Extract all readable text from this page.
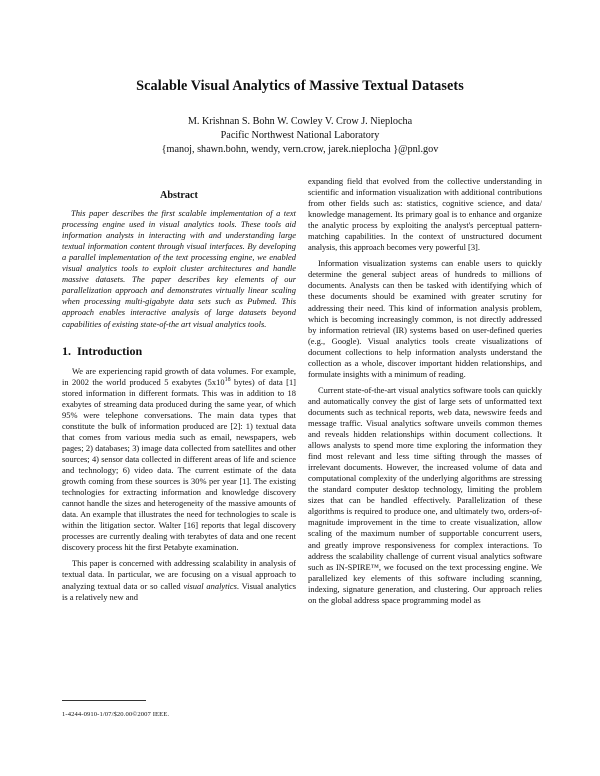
Scalable Visual Analytics of Massive Textual Datasets
M. Krishnan S. Bohn W. Cowley V. Crow J. Nieplocha
Pacific Northwest National Laboratory
{manoj, shawn.bohn, wendy, vern.crow, jarek.nieplocha }@pnl.gov
Abstract

This paper describes the first scalable implementation of a text processing engine used in visual analytics tools. These tools aid information analysts in interacting with and understanding large textual information content through visual interfaces. By developing a parallel implementation of the text processing engine, we enabled visual analytics tools to exploit cluster architectures and handle massive datasets. The paper describes key elements of our parallelization approach and demonstrates virtually linear scaling when processing multi-gigabyte data sets such as Pubmed. This approach enables interactive analysis of large datasets beyond capabilities of existing state-of-the art visual analytics tools.

1. Introduction

We are experiencing rapid growth of data volumes. For example, in 2002 the world produced 5 exabytes ($5x10^{18}$ bytes) of data [1] stored information in different formats. This was in addition to 18 exabytes of streaming data produced during the same year, of which 95% were telephone conversations. The main data types that constitute the bulk of information produced are [2]: 1) textual data that comes from various media such as email, newspapers, web pages; 2) databases; 3) image data collected from satellites and other sources; 4) sensor data collected in different areas of life and science and technology; 6) video data. The current estimate of the data growth coming from these sources is 30% per year [1]. The existing technologies for extracting information and knowledge discovery cannot handle the sizes and heterogeneity of the massive amounts of data. An example that illustrates the need for technologies to scale is within the litigation sector. Walter [16] reports that legal discovery processes are currently dealing with terabytes of data and one recent discovery process hit the first Petabyte examination.

This paper is concerned with addressing scalability in analysis of textual data. In particular, we are focusing on a visual approach to analyzing textual data or so called visual analytics. Visual analytics is a relatively new and

expanding field that evolved from the collective understanding in scientific and information visualization with additional contributions from other fields such as: statistics, cognitive science, and data/ knowledge management. Its primary goal is to enhance and organize the analytic process by exploiting the analyst's perceptual pattern-matching capabilities. In the context of unstructured document analysis, this approach becomes very powerful [3].

Information visualization systems can enable users to quickly determine the general subject areas of hundreds to millions of documents. Analysts can then be tasked with identifying which of these documents should be examined with greater scrutiny for addressing their need. This kind of information analysis problem, which is becoming increasingly common, is not directly addressed by information retrieval (IR) systems based on user-defined queries (e.g., Google). Visual analytics tools create visualizations of document collections to help information analysts understand the collection as a whole, discover important hidden relationships, and formulate insights with a minimum of reading.

Current state-of-the-art visual analytics software tools can quickly and automatically convey the gist of large sets of unformatted text documents such as technical reports, web data, newswire feeds and message traffic. Visual analytics software unveils common themes and reveals hidden relationships within document collections. It allows analysts to spend more time exploring the information they find most relevant and less time sifting through the masses of irrelevant documents. However, the increased volume of data and computational complexity of the underlying algorithms are stressing the standard computer desktop technology, limiting the problem sizes that can be handled effectively. Parallelization of these algorithms is required to produce one, and ultimately two, orders-of-magnitude improvement in the time to create visualization, allow scaling of the maximum number of supportable concurrent users, and greatly improve responsiveness for complex interactions. To address the scalability challenge of current visual analytics software such as IN-SPIRE™, we focused on the text processing engine. We parallelized key elements of this software including scanning, indexing, signature generation, and clustering. Our approach relies on the global address space programming model as

1-4244-0910-1/07/$20.00©2007 IEEE.
